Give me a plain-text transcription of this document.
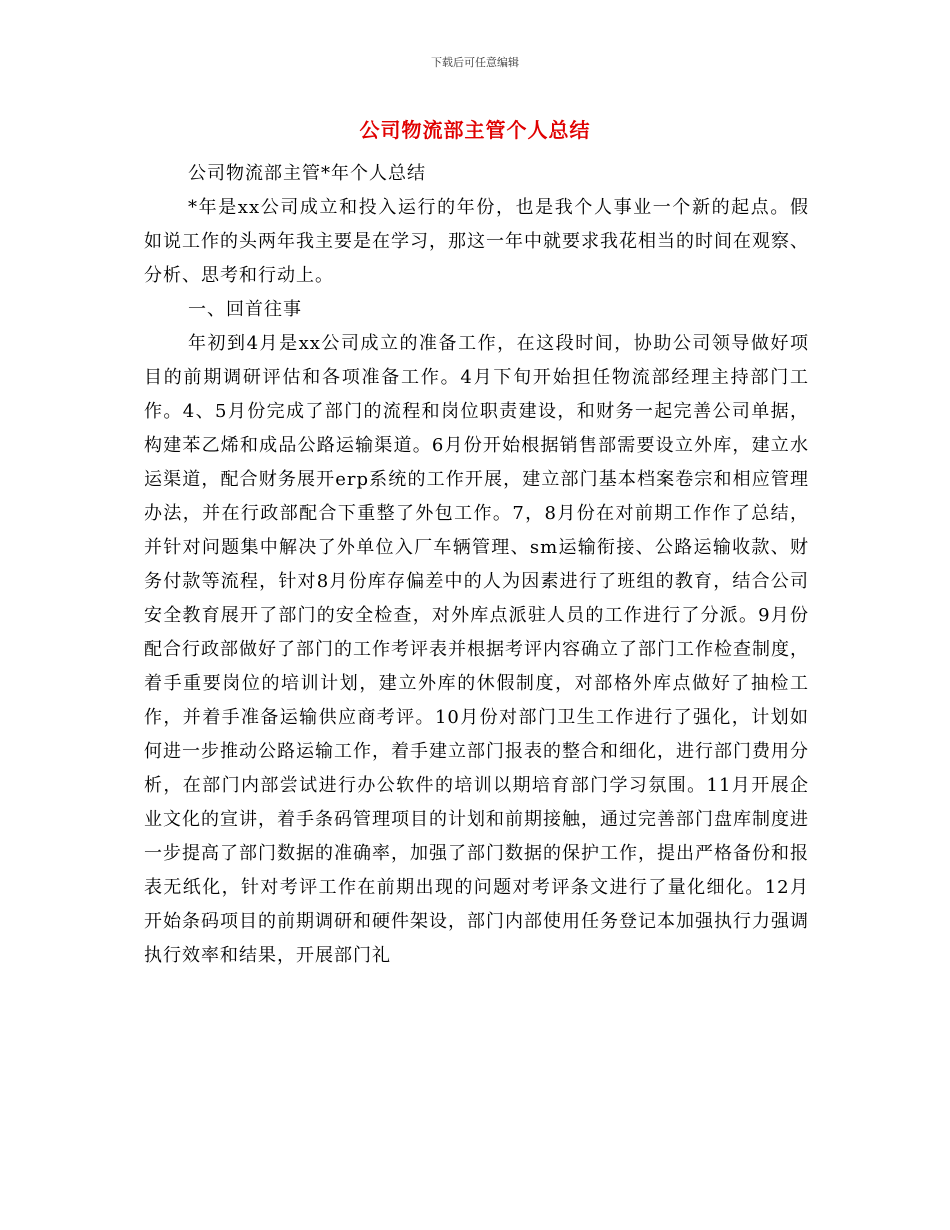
下载后可任意编辑
公司物流部主管个人总结

公司物流部主管*年个人总结

*年是xx公司成立和投入运行的年份，也是我个人事业一个新的起点。假如说工作的头两年我主要是在学习，那这一年中就要求我花相当的时间在观察、分析、思考和行动上。

一、回首往事

年初到4月是xx公司成立的准备工作，在这段时间，协助公司领导做好项目的前期调研评估和各项准备工作。4月下旬开始担任物流部经理主持部门工作。4、5月份完成了部门的流程和岗位职责建设，和财务一起完善公司单据，构建苯乙烯和成品公路运输渠道。6月份开始根据销售部需要设立外库，建立水运渠道，配合财务展开erp系统的工作开展，建立部门基本档案卷宗和相应管理办法，并在行政部配合下重整了外包工作。7，8月份在对前期工作作了总结，并针对问题集中解决了外单位入厂车辆管理、sm运输衔接、公路运输收款、财务付款等流程，针对8月份库存偏差中的人为因素进行了班组的教育，结合公司安全教育展开了部门的安全检查，对外库点派驻人员的工作进行了分派。9月份配合行政部做好了部门的工作考评表并根据考评内容确立了部门工作检查制度，着手重要岗位的培训计划，建立外库的休假制度，对部格外库点做好了抽检工作，并着手准备运输供应商考评。10月份对部门卫生工作进行了强化，计划如何进一步推动公路运输工作，着手建立部门报表的整合和细化，进行部门费用分析，在部门内部尝试进行办公软件的培训以期培育部门学习氛围。11月开展企业文化的宣讲，着手条码管理项目的计划和前期接触，通过完善部门盘库制度进一步提高了部门数据的准确率，加强了部门数据的保护工作，提出严格备份和报表无纸化，针对考评工作在前期出现的问题对考评条文进行了量化细化。12月开始条码项目的前期调研和硬件架设，部门内部使用任务登记本加强执行力强调执行效率和结果，开展部门礼
